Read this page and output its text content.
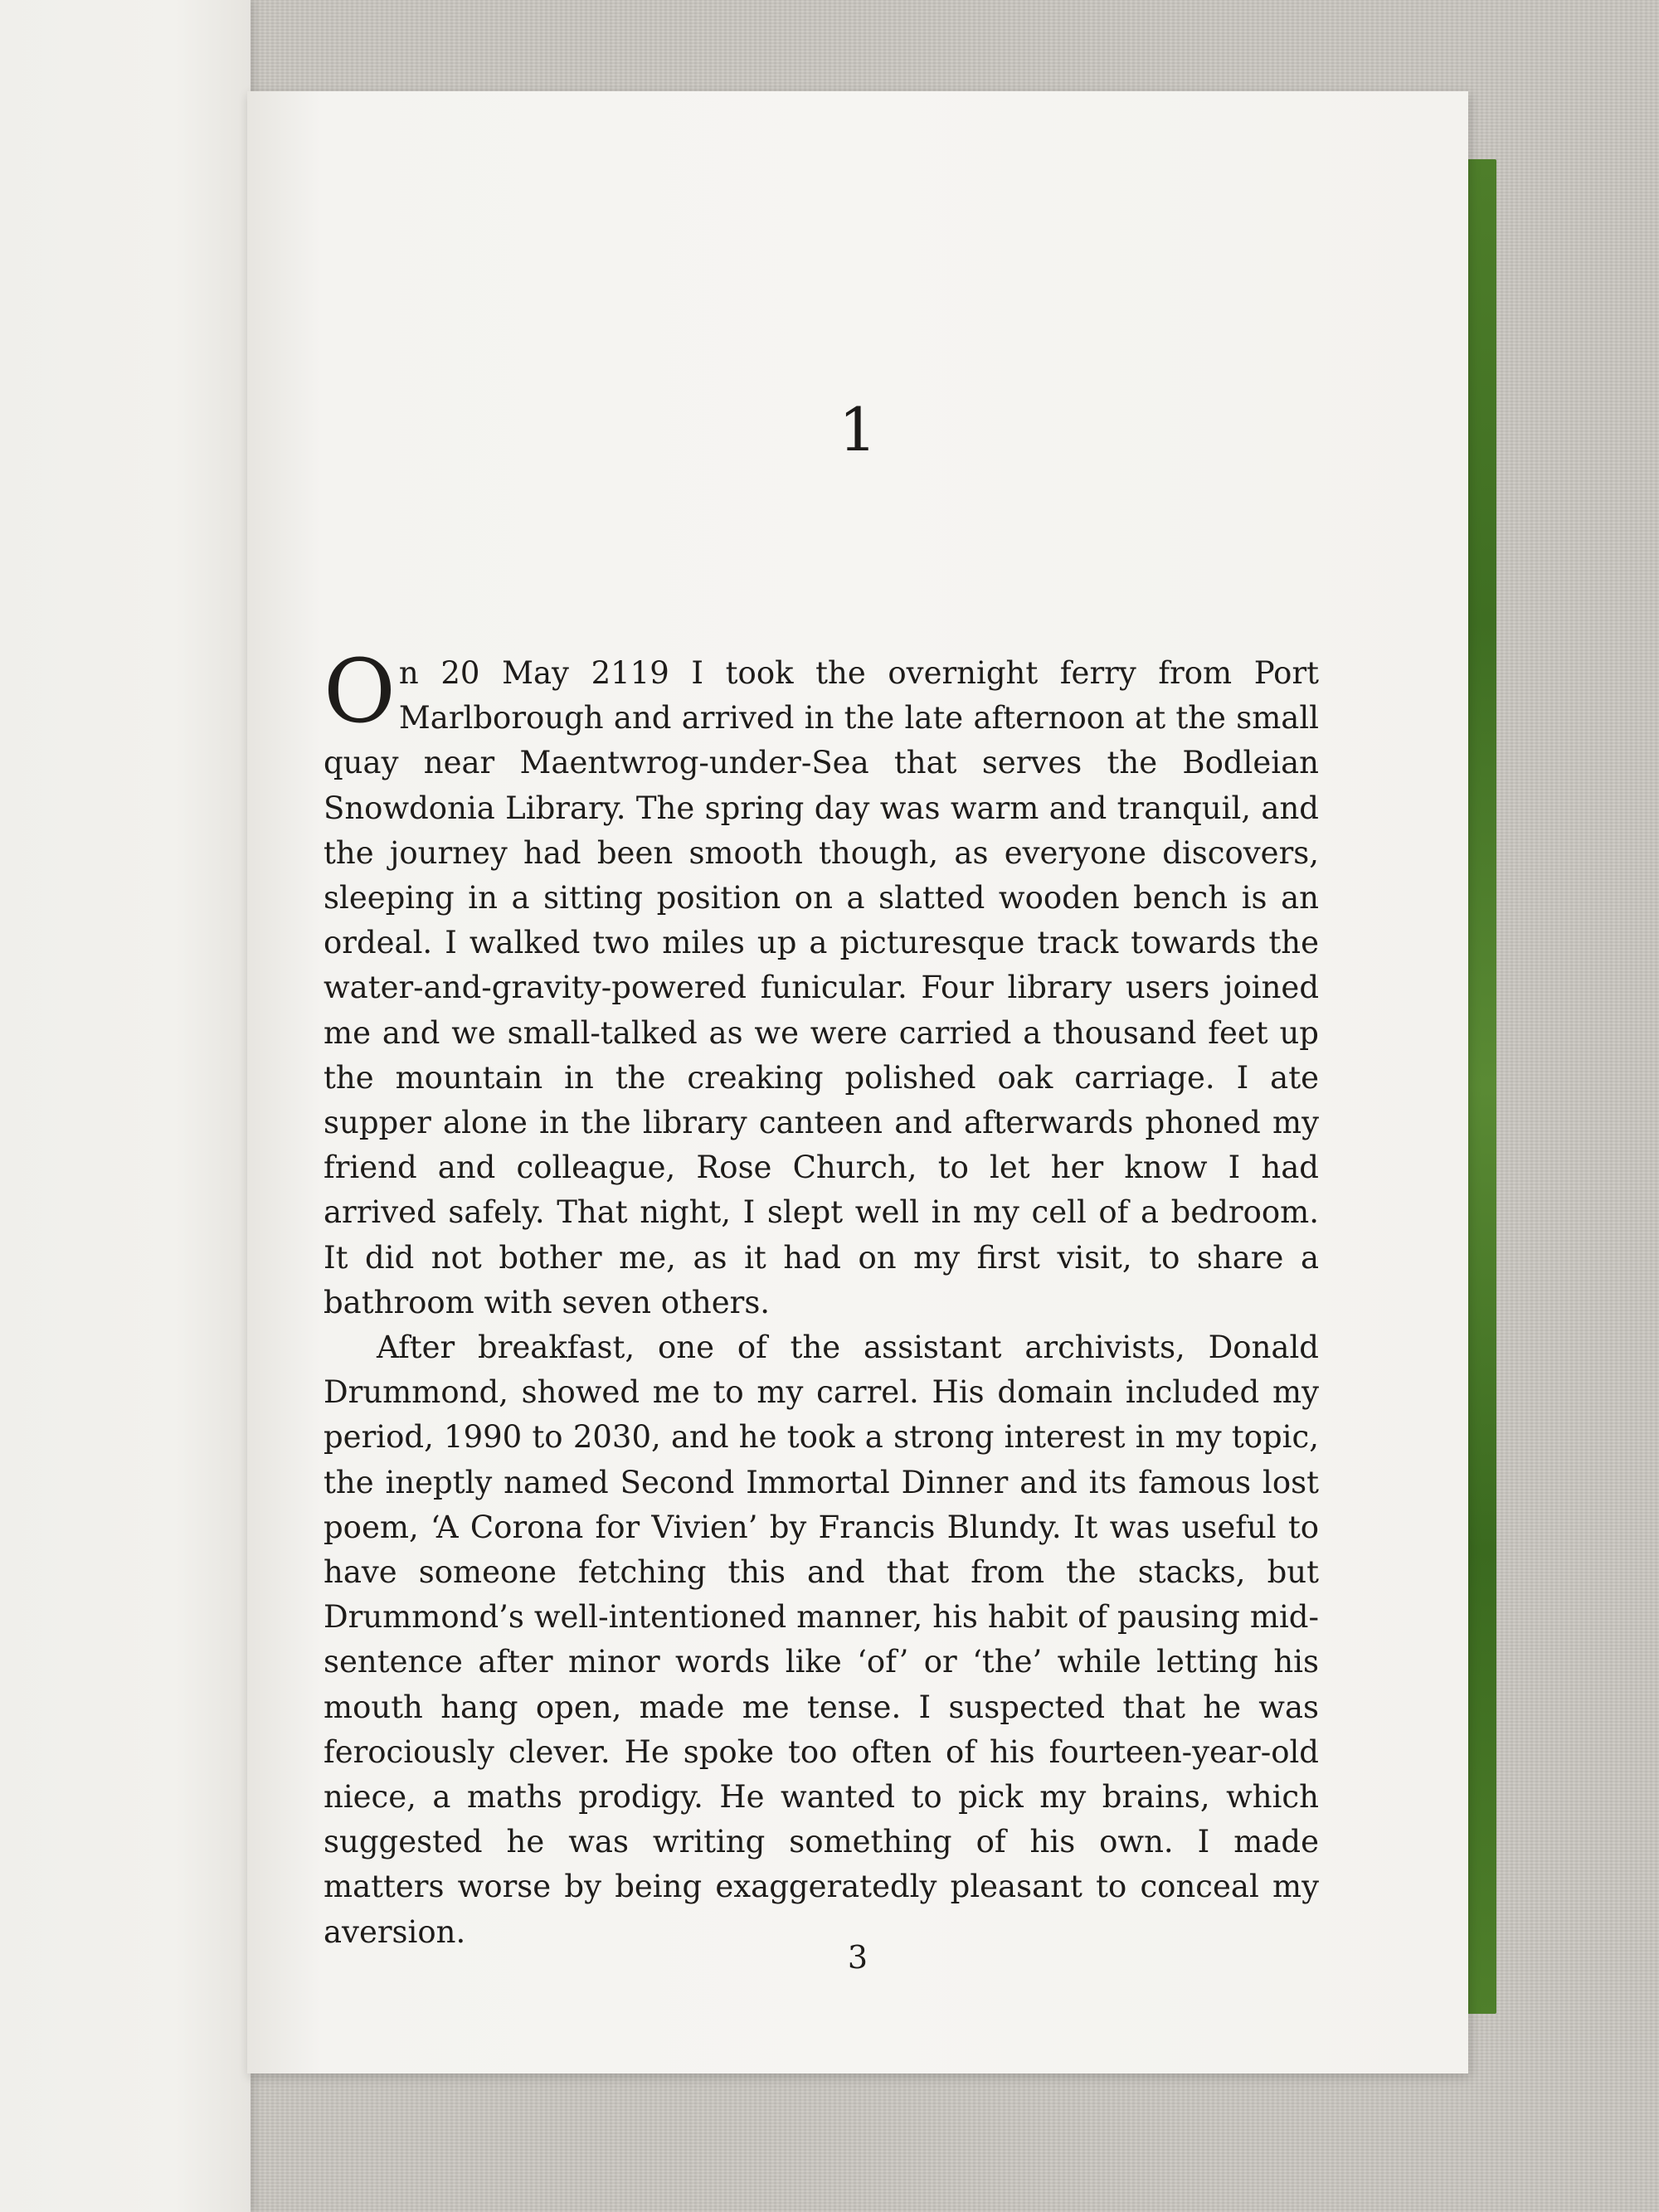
1

On 20 May 2119 I took the overnight ferry from Port Marlborough and arrived in the late afternoon at the small quay near Maentwrog-under-Sea that serves the Bodleian Snowdonia Library. The spring day was warm and tranquil, and the journey had been smooth though, as everyone discovers, sleeping in a sitting position on a slatted wooden bench is an ordeal. I walked two miles up a picturesque track towards the water-and-gravity-powered funicular. Four library users joined me and we small-talked as we were carried a thousand feet up the mountain in the creaking polished oak carriage. I ate supper alone in the library canteen and afterwards phoned my friend and colleague, Rose Church, to let her know I had arrived safely. That night, I slept well in my cell of a bedroom. It did not bother me, as it had on my first visit, to share a bathroom with seven others.

After breakfast, one of the assistant archivists, Donald Drummond, showed me to my carrel. His domain included my period, 1990 to 2030, and he took a strong interest in my topic, the ineptly named Second Immortal Dinner and its famous lost poem, ‘A Corona for Vivien’ by Francis Blundy. It was useful to have someone fetching this and that from the stacks, but Drummond’s well-intentioned manner, his habit of pausing mid-sentence after minor words like ‘of’ or ‘the’ while letting his mouth hang open, made me tense. I suspected that he was ferociously clever. He spoke too often of his fourteen-year-old niece, a maths prodigy. He wanted to pick my brains, which suggested he was writing something of his own. I made matters worse by being exaggeratedly pleasant to conceal my aversion.

3
